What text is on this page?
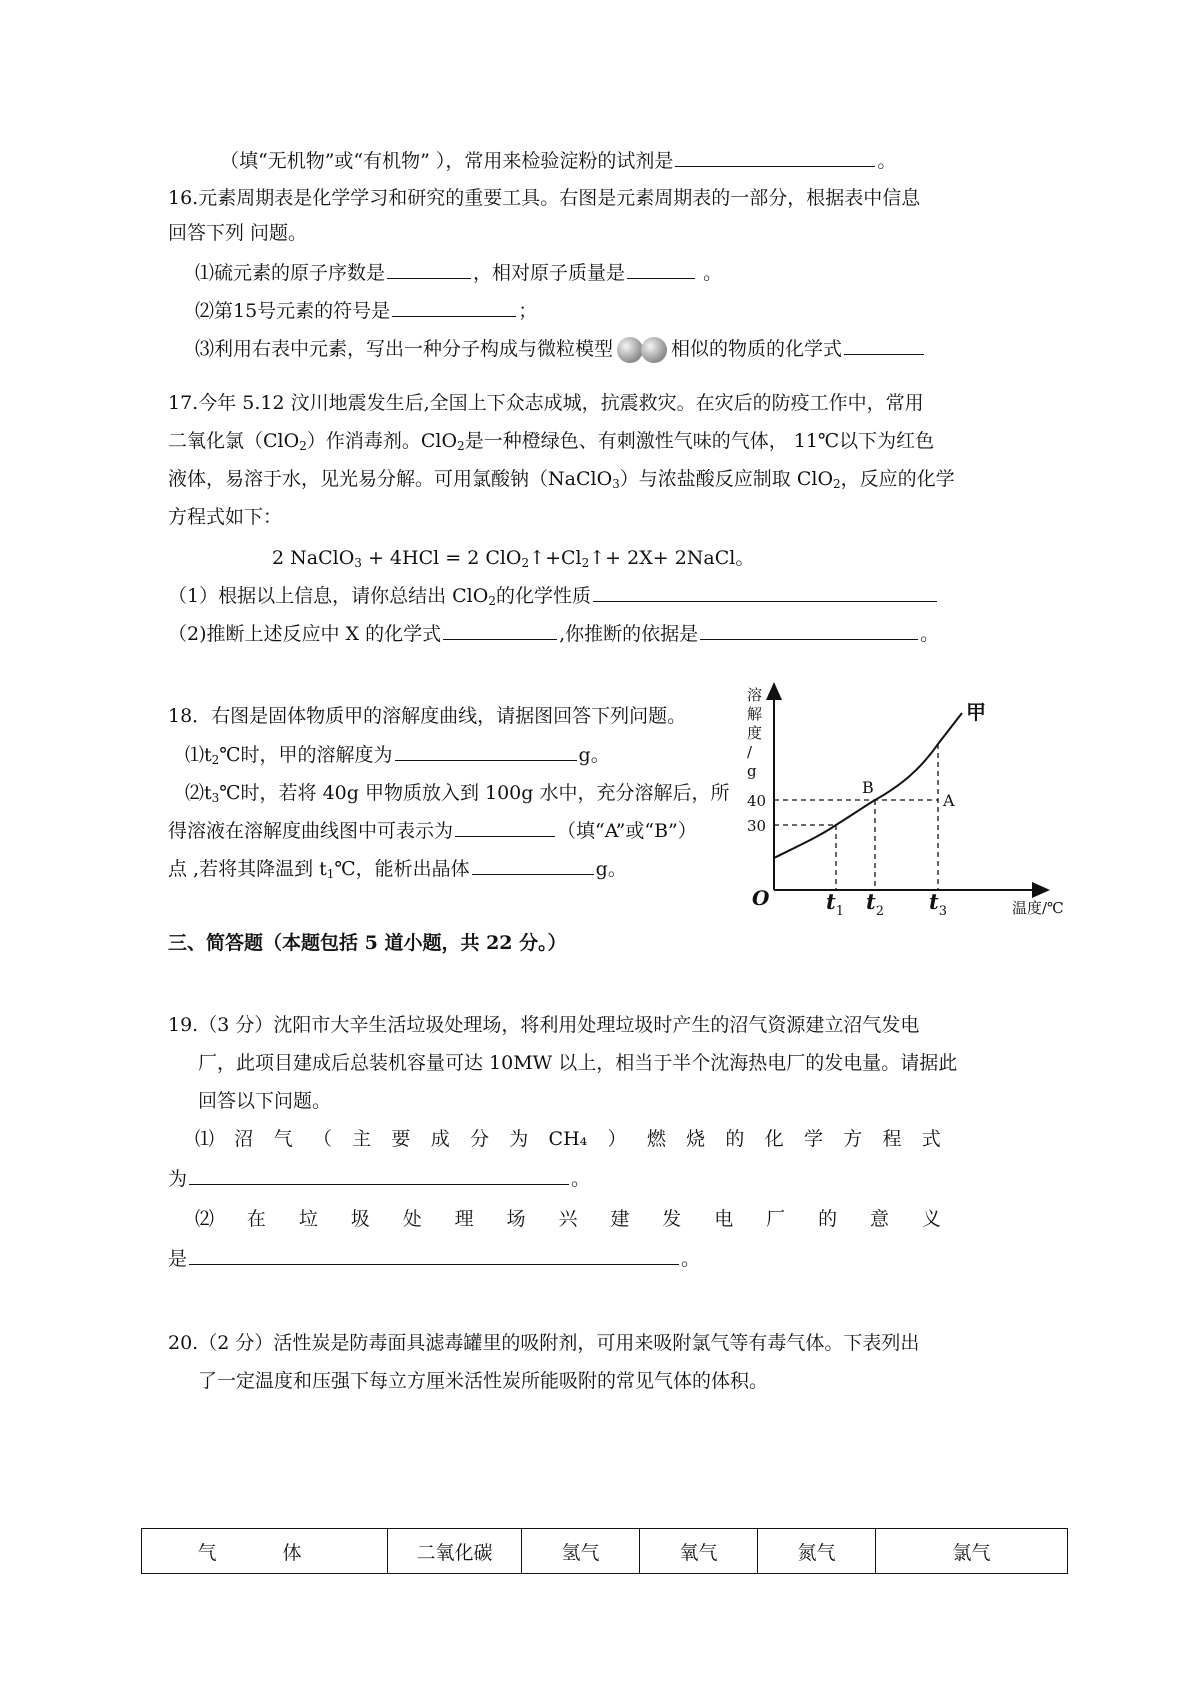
（填“无机物”或“有机物” ），常用来检验淀粉的试剂是	。
16.元素周期表是化学学习和研究的重要工具。右图是元素周期表的一部分，根据表中信息
回答下列 问题。
⑴硫元素的原子序数是	，相对原子质量是	。
⑵第15号元素的符号是	；
⑶利用右表中元素，写出一种分子构成与微粒模型	相似的物质的化学式
17.今年 5.12 汶川地震发生后,全国上下众志成城，抗震救灾。在灾后的防疫工作中，常用
二氧化氯（ClO$_2$）作消毒剂。ClO$_2$是一种橙绿色、有刺激性气味的气体， 11℃以下为红色
液体，易溶于水，见光易分解。可用氯酸钠（NaClO$_3$）与浓盐酸反应制取 ClO$_2$，反应的化学
方程式如下：
2 NaClO$_3$ + 4HCl = 2 $ClO_2↑+Cl_2↑+ 2X+$ 2NaCl。
（1）根据以上信息，请你总结出 ClO$_2$的化学性质
（2)推断上述反应中 X 的化学式	,你推断的依据是	。
18．右图是固体物质甲的溶解度曲线，请据图回答下列问题。
$⑴t_2℃$时，甲的溶解度为	g。
$⑵t_3℃$时，若将 40g 甲物质放入到 100g 水中，充分溶解后，所
得溶液在溶解度曲线图中可表示为	（填“A”或“B”）
点 ,若将其降温到 $t_1℃$，能析出晶体	g。
溶
解
度
/
g
温度/℃
O
甲
40
30
B
A
$t_1$ $t_2$ $t_3$
三、简答题（本题包括 5 道小题，共 22 分。）
19.（3 分）沈阳市大辛生活垃圾处理场，将利用处理垃圾时产生的沼气资源建立沼气发电
厂，此项目建成后总装机容量可达 10MW 以上，相当于半个沈海热电厂的发电量。请据此
回答以下问题。
⑴ 沼 气 （ 主 要 成 分 为 CH₄ ） 燃 烧 的 化 学 方 程 式
为	。
⑵ 在 垃 圾 处 理 场 兴 建 发 电 厂 的 意 义
是	。
20.（2 分）活性炭是防毒面具滤毒罐里的吸附剂，可用来吸附氯气等有毒气体。下表列出
了一定温度和压强下每立方厘米活性炭所能吸附的常见气体的体积。
气 体	二氧化碳	氢气	氧气	氮气	氯气
